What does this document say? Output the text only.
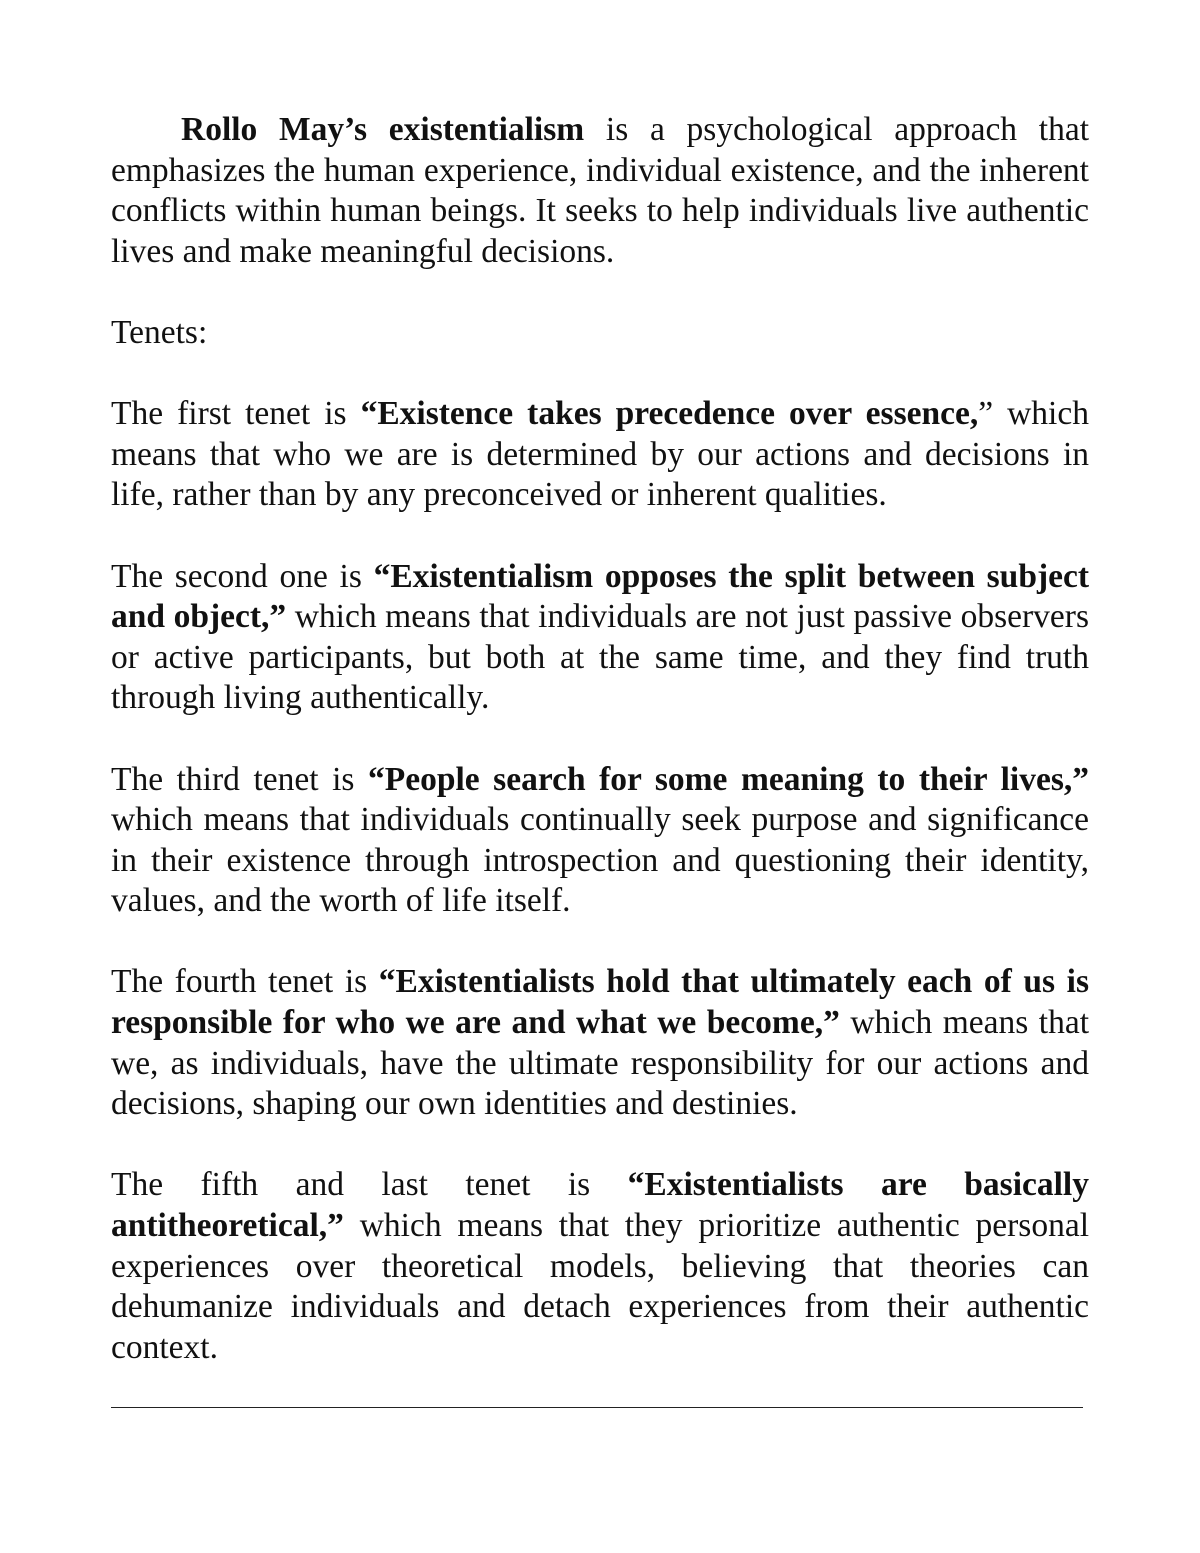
Rollo May’s existentialism is a psychological approach that emphasizes the human experience, individual existence, and the inherent conflicts within human beings. It seeks to help individuals live authentic lives and make meaningful decisions.

Tenets:

The first tenet is “Existence takes precedence over essence,” which means that who we are is determined by our actions and decisions in life, rather than by any preconceived or inherent qualities.

The second one is “Existentialism opposes the split between subject and object,” which means that individuals are not just passive observers or active participants, but both at the same time, and they find truth through living authentically.

The third tenet is “People search for some meaning to their lives,” which means that individuals continually seek purpose and significance in their existence through introspection and questioning their identity, values, and the worth of life itself.

The fourth tenet is “Existentialists hold that ultimately each of us is responsible for who we are and what we become,” which means that we, as individuals, have the ultimate responsibility for our actions and decisions, shaping our own identities and destinies.

The fifth and last tenet is “Existentialists are basically antitheoretical,” which means that they prioritize authentic personal experiences over theoretical models, believing that theories can dehumanize individuals and detach experiences from their authentic context.
